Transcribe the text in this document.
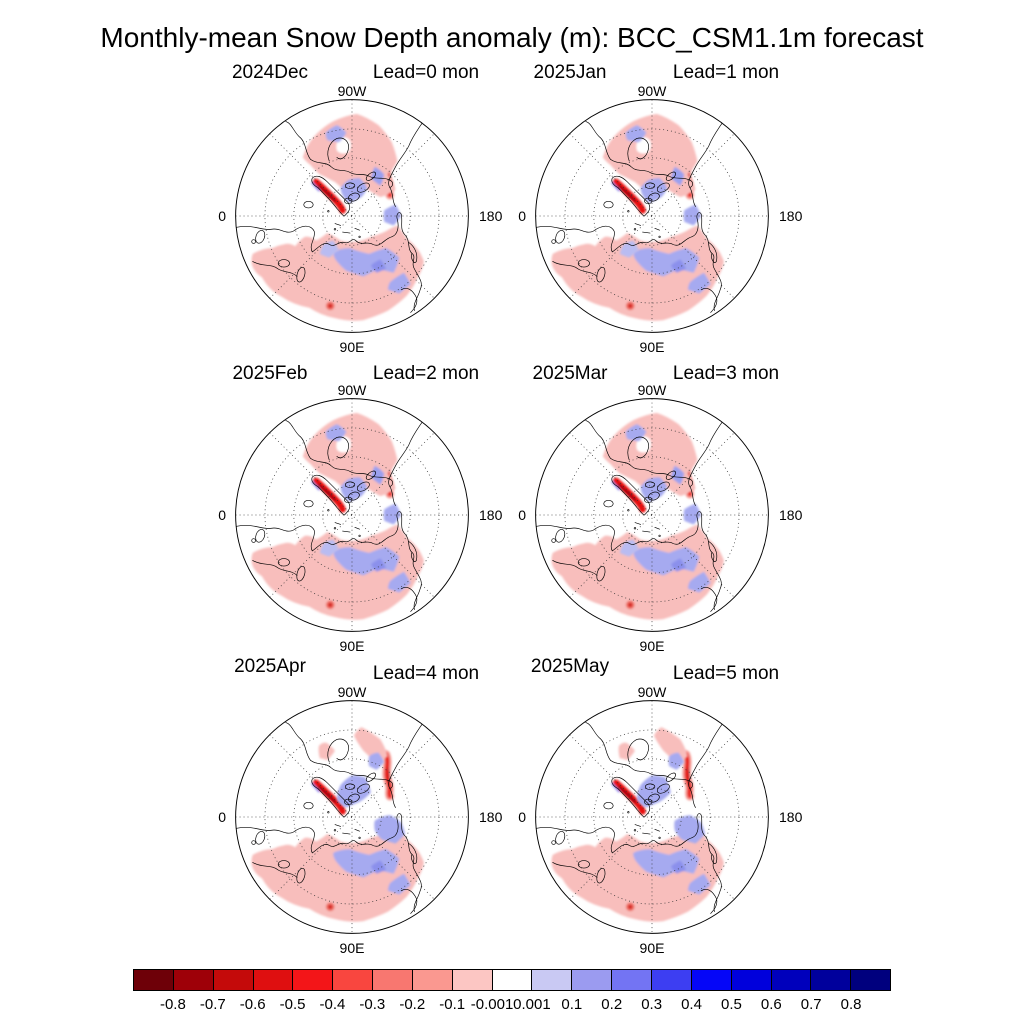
Monthly-mean Snow Depth anomaly (m): BCC_CSM1.1m forecast
2024Dec	Lead=0 mon
90W
90E
0	180
2025Jan	Lead=1 mon
90W
90E
0	180
2025Feb	Lead=2 mon
90W
90E
0	180
2025Mar	Lead=3 mon
90W
90E
0	180
2025Apr	Lead=4 mon
90W
90E
0	180
2025May	Lead=5 mon
90W
90E
0	180
-0.8 -0.7 -0.6 -0.5 -0.4 -0.3 -0.2 -0.1 -0.001 0.001 0.1 0.2 0.3 0.4 0.5 0.6 0.7 0.8
